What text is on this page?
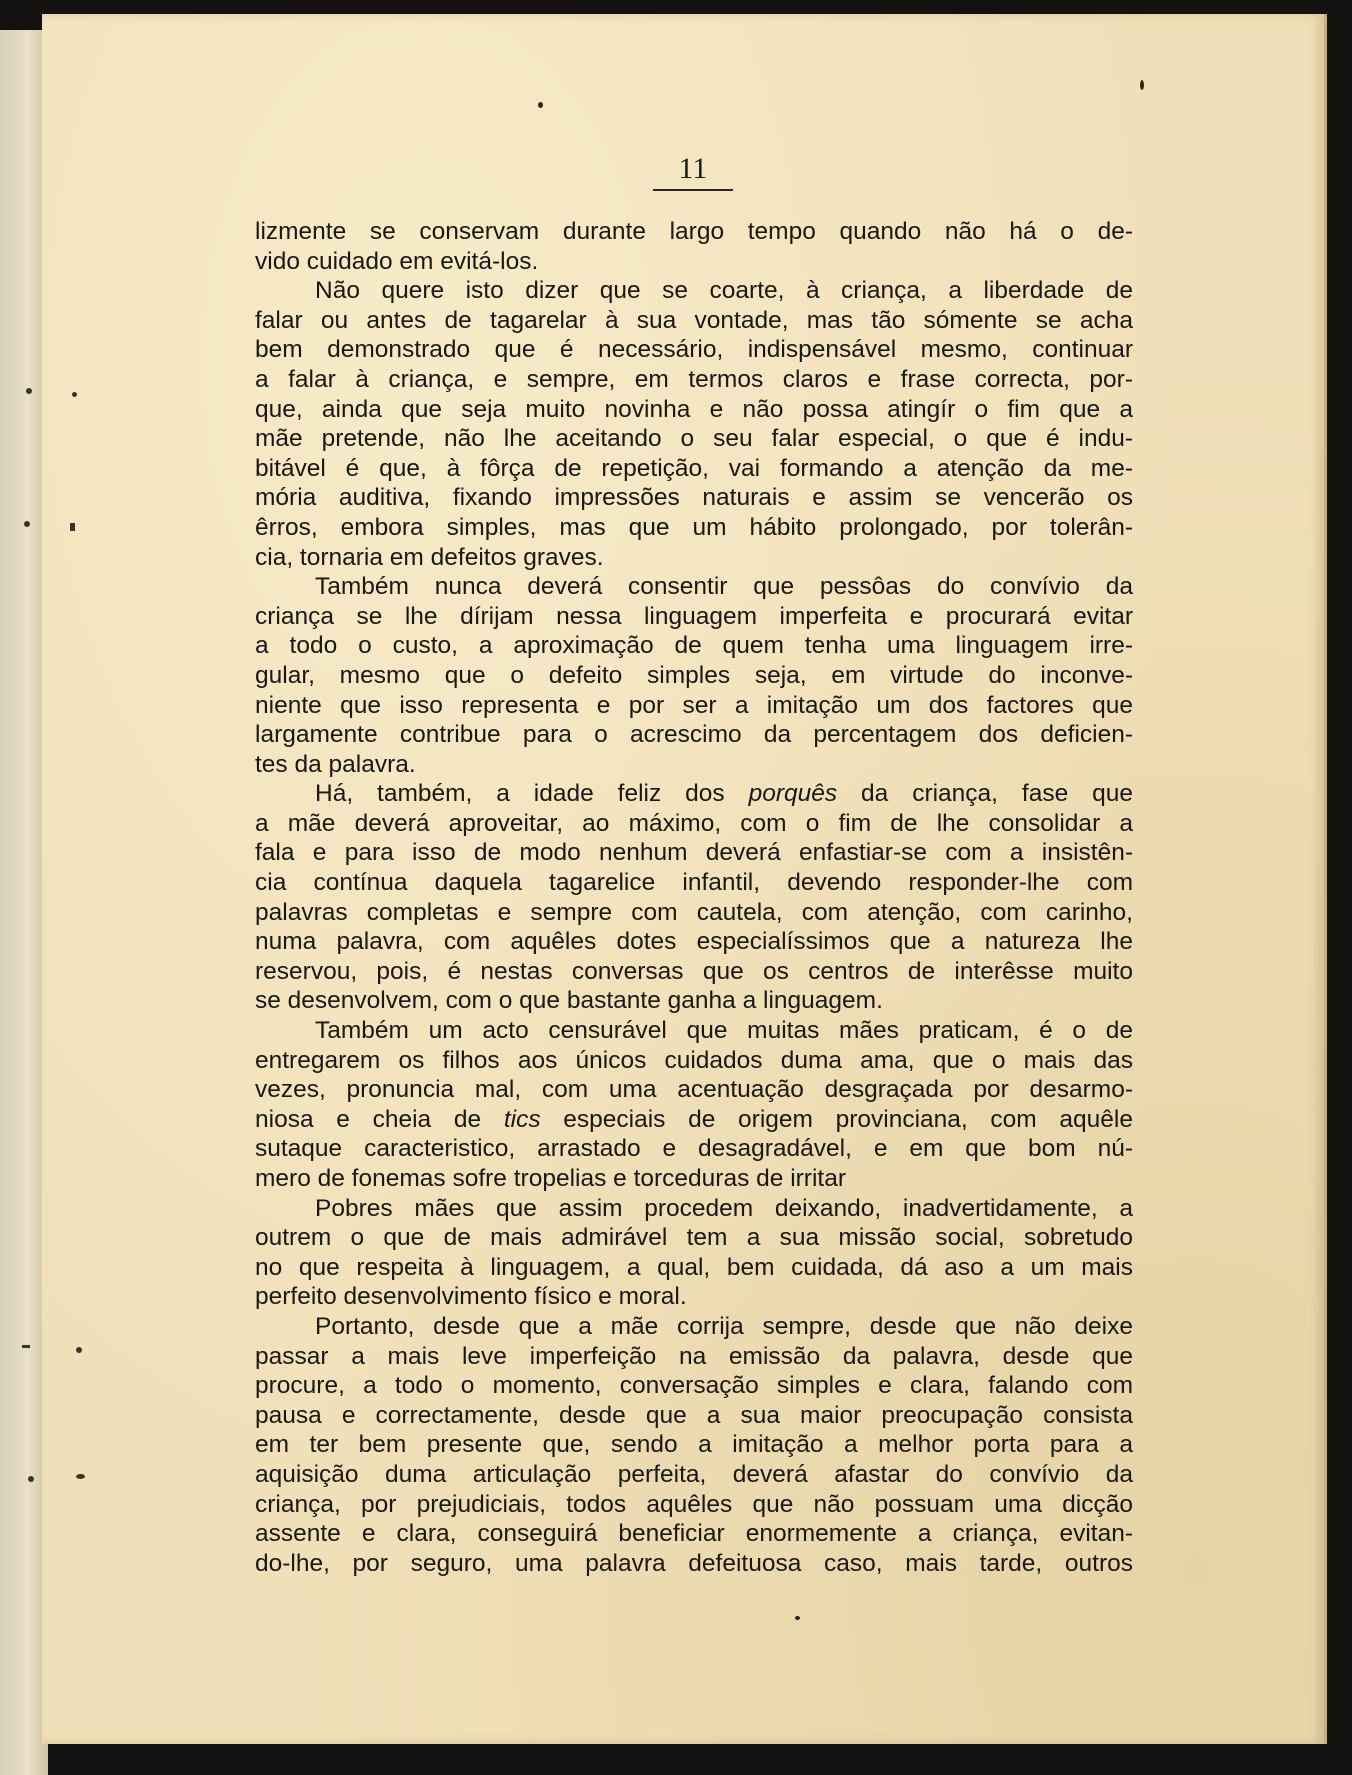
11
lizmente se conservam durante largo tempo quando não há o de-
vido cuidado em evitá-los.
Não quere isto dizer que se coarte, à criança, a liberdade de
falar ou antes de tagarelar à sua vontade, mas tão sómente se acha
bem demonstrado que é necessário, indispensável mesmo, continuar
a falar à criança, e sempre, em termos claros e frase correcta, por-
que, ainda que seja muito novinha e não possa atingír o fim que a
mãe pretende, não lhe aceitando o seu falar especial, o que é indu-
bitável é que, à fôrça de repetição, vai formando a atenção da me-
mória auditiva, fixando impressões naturais e assim se vencerão os
êrros, embora simples, mas que um hábito prolongado, por tolerân-
cia, tornaria em defeitos graves.
Também nunca deverá consentir que pessôas do convívio da
criança se lhe dírijam nessa linguagem imperfeita e procurará evitar
a todo o custo, a aproximação de quem tenha uma linguagem irre-
gular, mesmo que o defeito simples seja, em virtude do inconve-
niente que isso representa e por ser a imitação um dos factores que
largamente contribue para o acrescimo da percentagem dos deficien-
tes da palavra.
Há, também, a idade feliz dos porquês da criança, fase que
a mãe deverá aproveitar, ao máximo, com o fim de lhe consolidar a
fala e para isso de modo nenhum deverá enfastiar-se com a insistên-
cia contínua daquela tagarelice infantil, devendo responder-lhe com
palavras completas e sempre com cautela, com atenção, com carinho,
numa palavra, com aquêles dotes especialíssimos que a natureza lhe
reservou, pois, é nestas conversas que os centros de interêsse muito
se desenvolvem, com o que bastante ganha a linguagem.
Também um acto censurável que muitas mães praticam, é o de
entregarem os filhos aos únicos cuidados duma ama, que o mais das
vezes, pronuncia mal, com uma acentuação desgraçada por desarmo-
niosa e cheia de tics especiais de origem provinciana, com aquêle
sutaque caracteristico, arrastado e desagradável, e em que bom nú-
mero de fonemas sofre tropelias e torceduras de irritar
Pobres mães que assim procedem deixando, inadvertidamente, a
outrem o que de mais admirável tem a sua missão social, sobretudo
no que respeita à linguagem, a qual, bem cuidada, dá aso a um mais
perfeito desenvolvimento físico e moral.
Portanto, desde que a mãe corrija sempre, desde que não deixe
passar a mais leve imperfeição na emissão da palavra, desde que
procure, a todo o momento, conversação simples e clara, falando com
pausa e correctamente, desde que a sua maior preocupação consista
em ter bem presente que, sendo a imitação a melhor porta para a
aquisição duma articulação perfeita, deverá afastar do convívio da
criança, por prejudiciais, todos aquêles que não possuam uma dicção
assente e clara, conseguirá beneficiar enormemente a criança, evitan-
do-lhe, por seguro, uma palavra defeituosa caso, mais tarde, outros
